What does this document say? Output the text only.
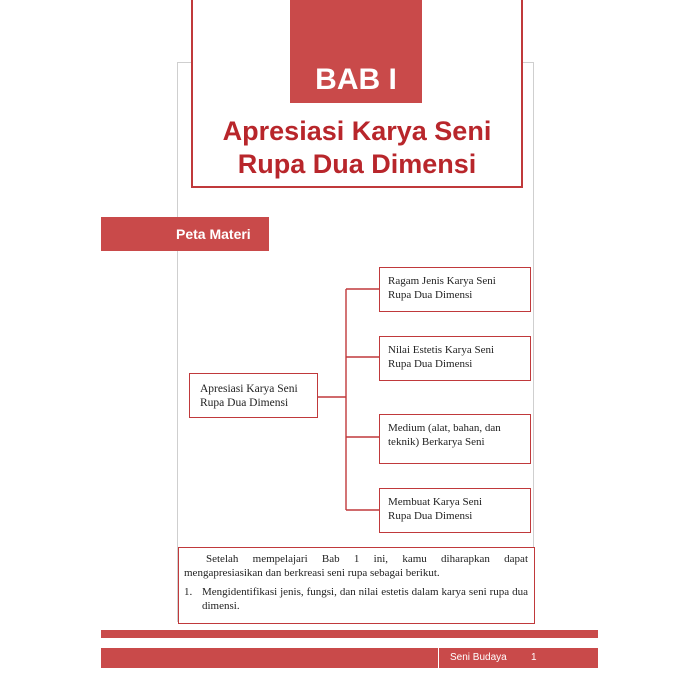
BAB I
Apresiasi Karya Seni
Rupa Dua Dimensi
Peta Materi
Apresiasi Karya Seni
Rupa Dua Dimensi
Ragam Jenis Karya Seni
Rupa Dua Dimensi
Nilai Estetis Karya Seni
Rupa Dua Dimensi
Medium (alat, bahan, dan
teknik) Berkarya Seni
Membuat Karya Seni
Rupa Dua Dimensi

Setelah mempelajari Bab 1 ini, kamu diharapkan dapat mengapresiasikan dan berkreasi seni rupa sebagai berikut.

1. Mengidentifikasi jenis, fungsi, dan nilai estetis dalam karya seni rupa dua dimensi.
Seni Budaya 1
